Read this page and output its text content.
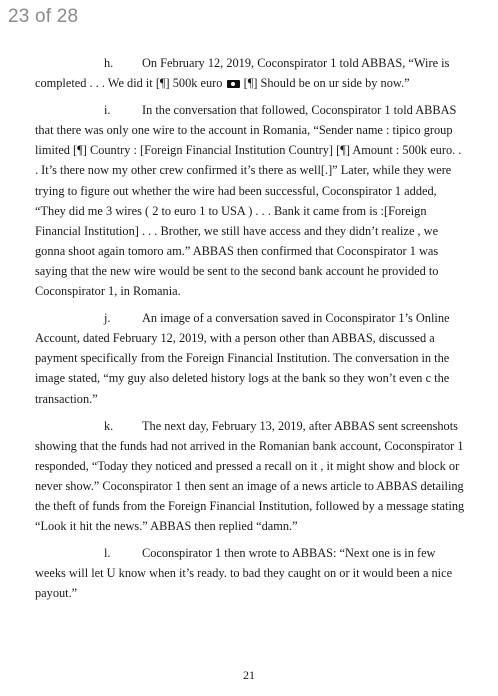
23 of 28

h. On February 12, 2019, Coconspirator 1 told ABBAS, “Wire is completed . . . We did it [¶] 500k euro [¶] Should be on ur side by now.”

i.	In the conversation that followed, Coconspirator 1 told ABBAS that there was only one wire to the account in Romania, “Sender name : tipico group limited [¶] Country : [Foreign Financial Institution Country] [¶] Amount : 500k euro. . . It’s there now my other crew confirmed it’s there as well[.]” Later, while they were trying to figure out whether the wire had been successful, Coconspirator 1 added, “They did me 3 wires ( 2 to euro 1 to USA ) . . . Bank it came from is :[Foreign Financial Institution] . . . Brother, we still have access and they didn’t realize , we gonna shoot again tomoro am.” ABBAS then confirmed that Coconspirator 1 was saying that the new wire would be sent to the second bank account he provided to Coconspirator 1, in Romania.

j.	An image of a conversation saved in Coconspirator 1’s Online Account, dated February 12, 2019, with a person other than ABBAS, discussed a payment specifically from the Foreign Financial Institution. The conversation in the image stated, “my guy also deleted history logs at the bank so they won’t even c the transaction.”

k. The next day, February 13, 2019, after ABBAS sent screenshots showing that the funds had not arrived in the Romanian bank account, Coconspirator 1 responded, “Today they noticed and pressed a recall on it , it might show and block or never show.” Coconspirator 1 then sent an image of a news article to ABBAS detailing the theft of funds from the Foreign Financial Institution, followed by a message stating “Look it hit the news.” ABBAS then replied “damn.”

l.	Coconspirator 1 then wrote to ABBAS: “Next one is in few weeks will let U know when it’s ready. to bad they caught on or it would been a nice payout.”

21
